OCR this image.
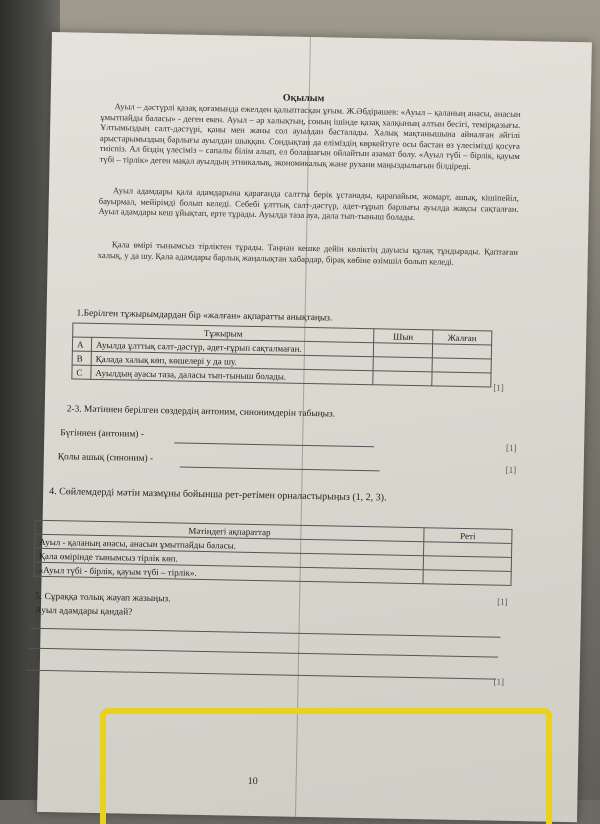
Оқылым
Ауыл – дәстүрлі қазақ қоғамында ежелден қалыптасқан ұғым. Ж.Әбдірашев: «Ауыл – қаланың анасы, анасын ұмытпайды баласы» - деген екен. Ауыл – әр халықтың, соның ішінде қазақ халқының алтын бесігі, темірқазығы. Ұлтымыздың салт-дәстүрі, қаны мен жаны сол ауылдан басталады. Халық мақтанышына айналған әйгілі арыстарымыздың барлығы ауылдан шыққан. Сондықтан да еліміздің көркейтуге осы бастан өз үлесімізді қосуға тиіспіз. Ал біздің үлесіміз – сапалы білім алып, ел болашағын ойлайтын азамат болу. «Ауыл түбі – бірлік, қауым түбі – тірлік» деген мақал ауылдың этникалық, экономикалық және рухани маңыздылығын білдіреді.
Ауыл адамдары қала адамдарына қарағанда салтты берік ұстанады, қарапайым, жомарт, ашық, кішіпейіл, бауырмал, мейірімді болып келеді. Себебі ұлттық салт-дәстүр, әдет-ғұрып барлығы ауылда жақсы сақталған. Ауыл адамдары кеш ұйықтап, ерте тұрады. Ауылда таза ауа, дала тып-тыныш болады.
Қала өмірі тынымсыз тірліктен тұрады. Таңнан кешке дейін көліктің дауысы құлақ тұндырады. Қаптаған халық, у да шу. Қала адамдары барлық жаңалықтан хабардар, бірақ көбіне өзімшіл болып келеді.
1.Берілген тұжырымдардан бір «жалған» ақпаратты анықтаңыз.
Тұжырым		Шын	Жалған
A	Ауылда ұлттық салт-дәстүр, әдет-ғұрып сақталмаған.		
B	Қалада халық көп, көшелері у да шу.		
C	Ауылдың ауасы таза, даласы тып-тыныш болады.		
[1]
2-3. Мәтіннен берілген сөздердің антоним, синонимдерін табыңыз.
Бүгіннен (антоним) -
[1]
Қолы ашық (синоним) -
[1]
4. Сөйлемдерді мәтін мазмұны бойынша рет-ретімен орналастырыңыз (1, 2, 3).
Мәтіндегі ақпараттар	Реті
Ауыл - қаланың анасы, анасын ұмытпайды баласы.	
Қала өмірінде тынымсыз тірлік көп.	
«Ауыл түбі - бірлік, қауым түбі – тірлік».	
[1]
5. Сұраққа толық жауап жазыңыз.
Ауыл адамдары қандай?
[1]
10
